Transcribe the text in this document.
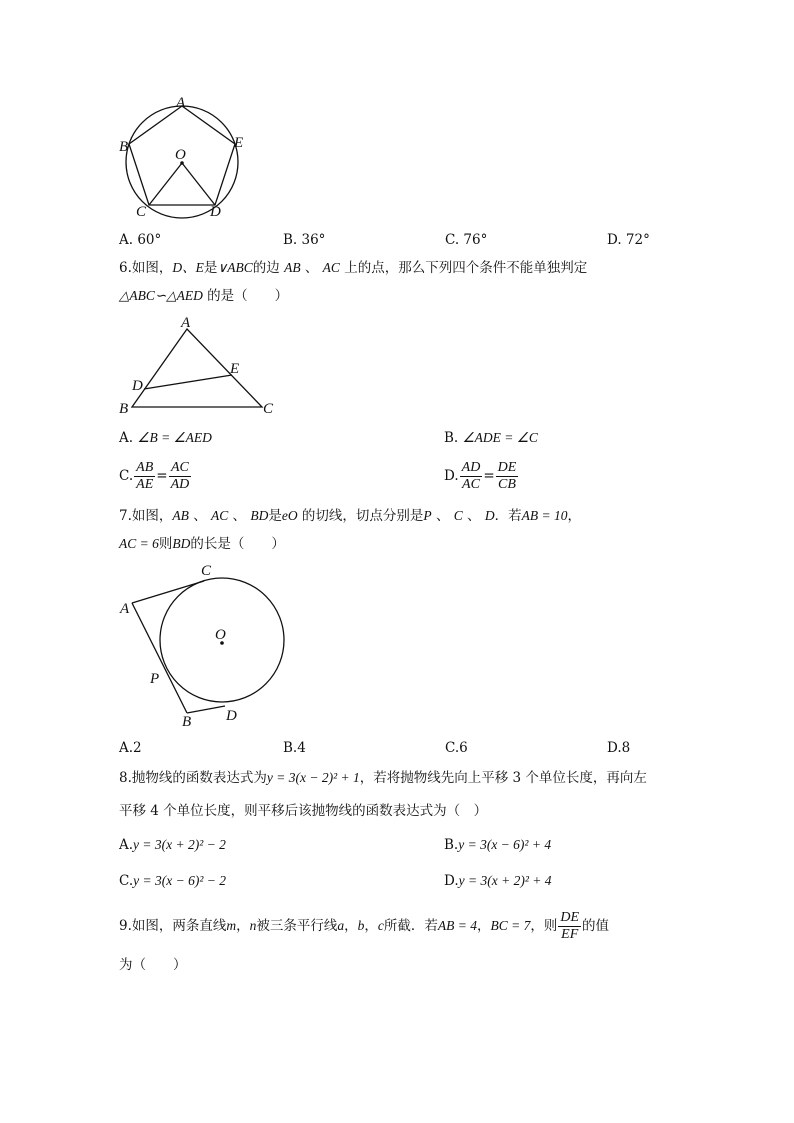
A
B	E
O
C	D
A. 60°	B. 36°	C. 76°	D. 72°
6.如图，D、E是∨ABC的边 AB 、 AC 上的点，那么下列四个条件不能单独判定
△ABC∽△AED 的是（　　）
A
E
D
B	C
A. ∠B = ∠AED	B. ∠ADE = ∠C
C. $\frac{AB}{AE} = \frac{AC}{AD}$	D. $\frac{AD}{AC} = \frac{DE}{CB}$
7.如图，AB 、 AC 、 BD是eO 的切线，切点分别是P 、 C 、 D．若AB = 10，
AC = 6则BD的长是（　　）
C
A
O
P
B D
A.2	B.4	C.6	D.8
8.抛物线的函数表达式为y = 3(x − 2)² + 1，若将抛物线先向上平移 3 个单位长度，再向左
平移 4 个单位长度，则平移后该抛物线的函数表达式为（　）
A.y = 3(x + 2)² − 2	B.y = 3(x − 6)² + 4
C.y = 3(x − 6)² − 2	D.y = 3(x + 2)² + 4
9.如图，两条直线m，n被三条平行线a，b，c所截．若AB = 4，BC = 7，则 $\frac{DE}{EF}$ 的值
为（　　）
